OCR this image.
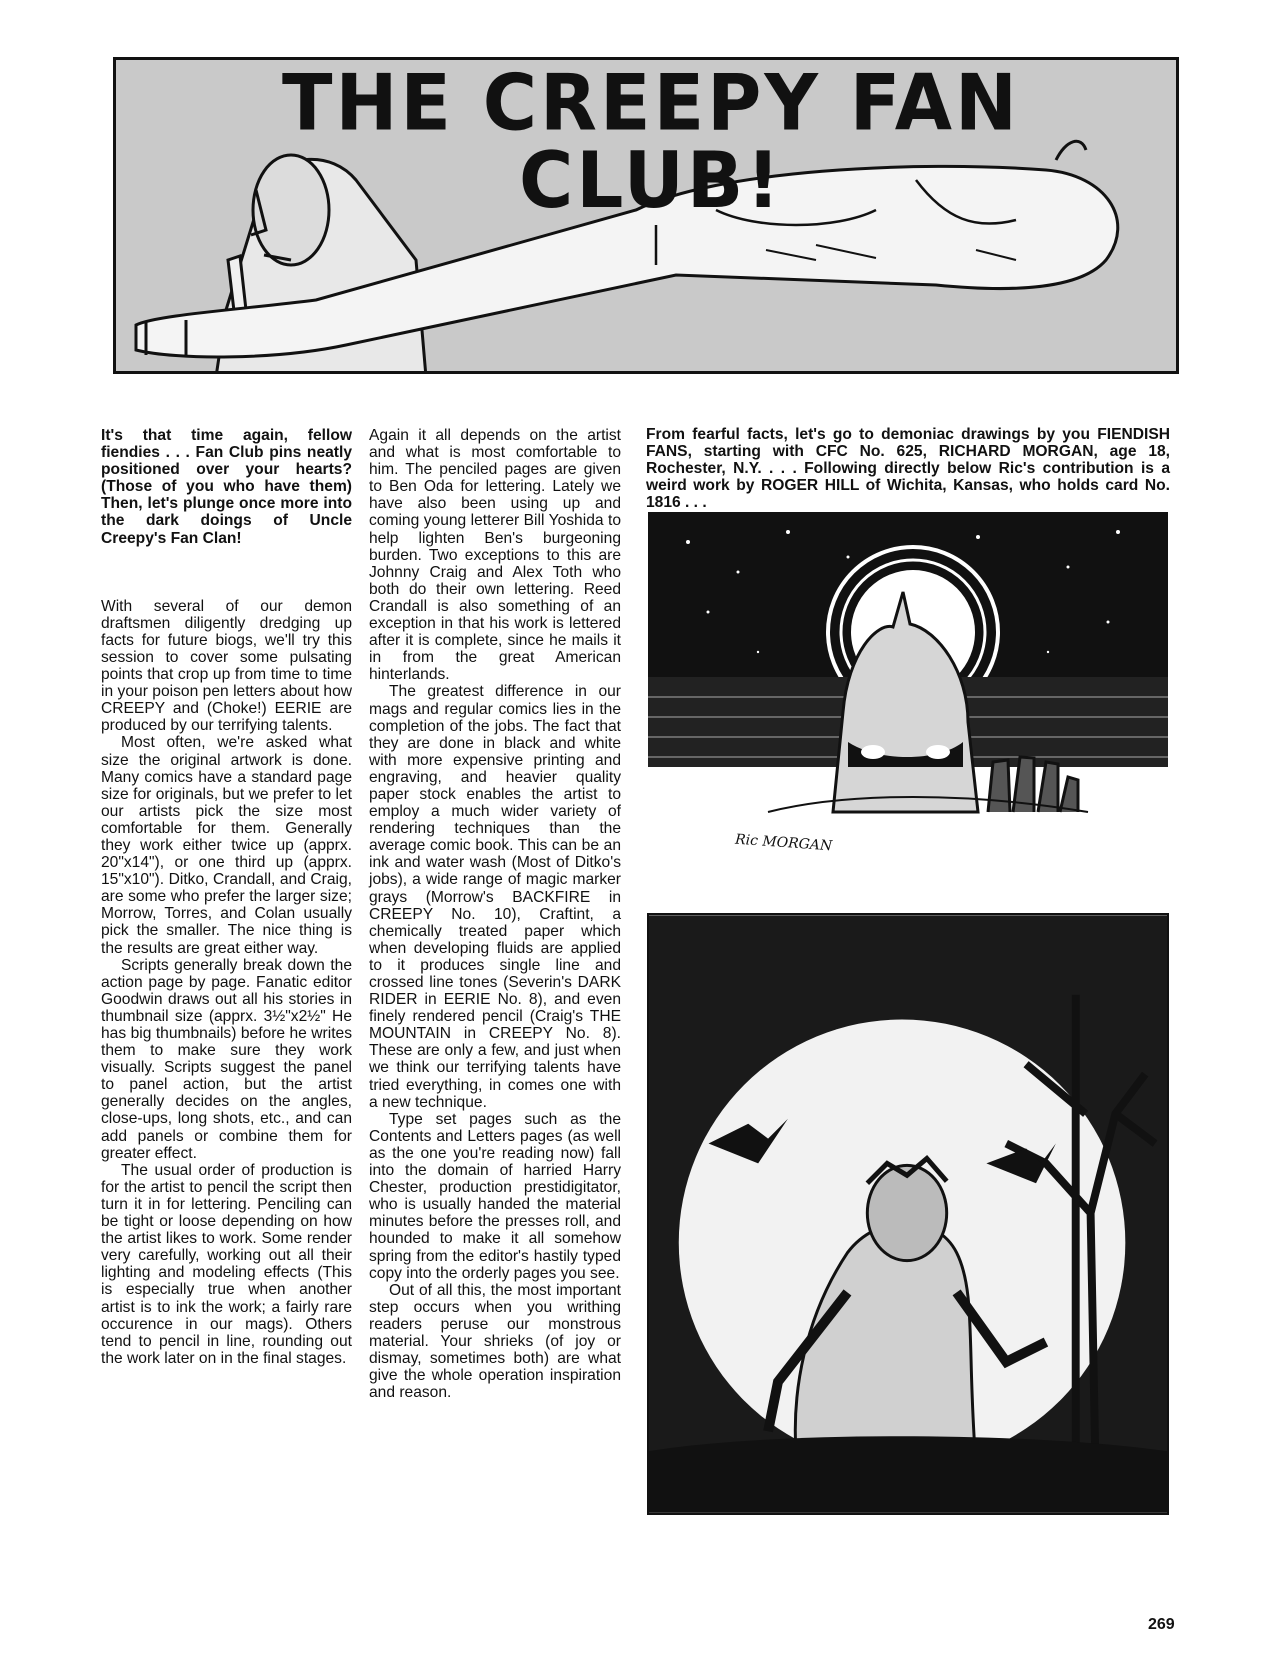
THE CREEPY FAN CLUB!

It's that time again, fellow fiendies . . . Fan Club pins neatly positioned over your hearts? (Those of you who have them) Then, let's plunge once more into the dark doings of Uncle Creepy's Fan Clan!

With several of our demon draftsmen diligently dredging up facts for future biogs, we'll try this session to cover some pulsating points that crop up from time to time in your poison pen letters about how CREEPY and (Choke!) EERIE are produced by our terrifying talents.

Most often, we're asked what size the original artwork is done. Many comics have a standard page size for originals, but we prefer to let our artists pick the size most comfortable for them. Generally they work either twice up (apprx. 20"x14"), or one third up (apprx. 15"x10"). Ditko, Crandall, and Craig, are some who prefer the larger size; Morrow, Torres, and Colan usually pick the smaller. The nice thing is the results are great either way.

Scripts generally break down the action page by page. Fanatic editor Goodwin draws out all his stories in thumbnail size (apprx. 3½"x2½" He has big thumbnails) before he writes them to make sure they work visually. Scripts suggest the panel to panel action, but the artist generally decides on the angles, close-ups, long shots, etc., and can add panels or combine them for greater effect.

The usual order of production is for the artist to pencil the script then turn it in for lettering. Penciling can be tight or loose depending on how the artist likes to work. Some render very carefully, working out all their lighting and modeling effects (This is especially true when another artist is to ink the work; a fairly rare occurence in our mags). Others tend to pencil in line, rounding out the work later on in the final stages.

Again it all depends on the artist and what is most comfortable to him. The penciled pages are given to Ben Oda for lettering. Lately we have also been using up and coming young letterer Bill Yoshida to help lighten Ben's burgeoning burden. Two exceptions to this are Johnny Craig and Alex Toth who both do their own lettering. Reed Crandall is also something of an exception in that his work is lettered after it is complete, since he mails it in from the great American hinterlands.

The greatest difference in our mags and regular comics lies in the completion of the jobs. The fact that they are done in black and white with more expensive printing and engraving, and heavier quality paper stock enables the artist to employ a much wider variety of rendering techniques than the average comic book. This can be an ink and water wash (Most of Ditko's jobs), a wide range of magic marker grays (Morrow's BACKFIRE in CREEPY No. 10), Craftint, a chemically treated paper which when developing fluids are applied to it produces single line and crossed line tones (Severin's DARK RIDER in EERIE No. 8), and even finely rendered pencil (Craig's THE MOUNTAIN in CREEPY No. 8). These are only a few, and just when we think our terrifying talents have tried everything, in comes one with a new technique.

Type set pages such as the Contents and Letters pages (as well as the one you're reading now) fall into the domain of harried Harry Chester, production prestidigitator, who is usually handed the material minutes before the presses roll, and hounded to make it all somehow spring from the editor's hastily typed copy into the orderly pages you see.

Out of all this, the most important step occurs when you writhing readers peruse our monstrous material. Your shrieks (of joy or dismay, sometimes both) are what give the whole operation inspiration and reason.

From fearful facts, let's go to demoniac drawings by you FIENDISH FANS, starting with CFC No. 625, RICHARD MORGAN, age 18, Rochester, N.Y. . . . Following directly below Ric's contribution is a weird work by ROGER HILL of Wichita, Kansas, who holds card No. 1816 . . .
Ric MORGAN
269
